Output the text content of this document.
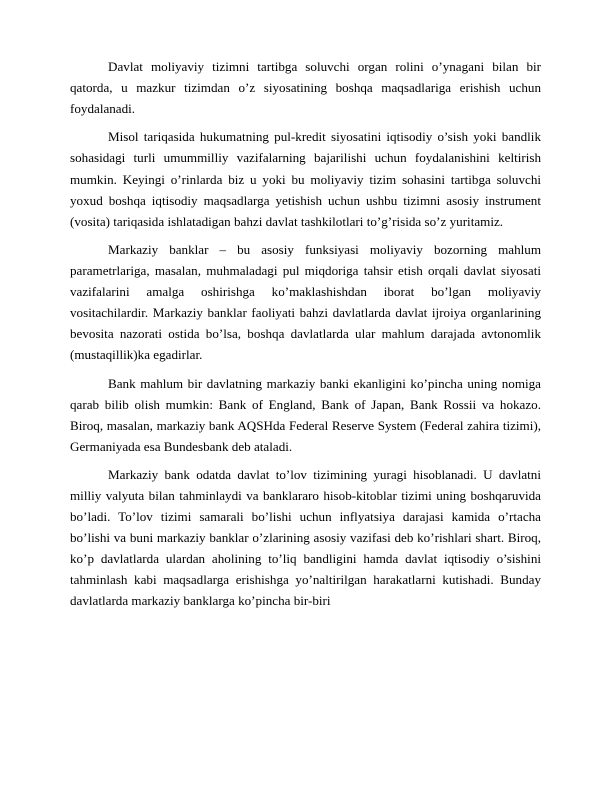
Davlat moliyaviy tizimni tartibga soluvchi organ rolini o’ynagani bilan bir qatorda, u mazkur tizimdan o’z siyosatining boshqa maqsadlariga erishish uchun foydalanadi.

Misol tariqasida hukumatning pul-kredit siyosatini iqtisodiy o’sish yoki bandlik sohasidagi turli umummilliy vazifalarning bajarilishi uchun foydalanishini keltirish mumkin. Keyingi o’rinlarda biz u yoki bu moliyaviy tizim sohasini tartibga soluvchi yoxud boshqa iqtisodiy maqsadlarga yetishish uchun ushbu tizimni asosiy instrument (vosita) tariqasida ishlatadigan bahzi davlat tashkilotlari to’g’risida so’z yuritamiz.

Markaziy banklar – bu asosiy funksiyasi moliyaviy bozorning mahlum parametrlariga, masalan, muhmaladagi pul miqdoriga tahsir etish orqali davlat siyosati vazifalarini amalga oshirishga ko’maklashishdan iborat bo’lgan moliyaviy vositachilardir. Markaziy banklar faoliyati bahzi davlatlarda davlat ijroiya organlarining bevosita nazorati ostida bo’lsa, boshqa davlatlarda ular mahlum darajada avtonomlik (mustaqillik)ka egadirlar.

Bank mahlum bir davlatning markaziy banki ekanligini ko’pincha uning nomiga qarab bilib olish mumkin: Bank of England, Bank of Japan, Bank Rossii va hokazo. Biroq, masalan, markaziy bank AQSHda Federal Reserve System (Federal zahira tizimi), Germaniyada esa Bundesbank deb ataladi.

Markaziy bank odatda davlat to’lov tizimining yuragi hisoblanadi. U davlatni milliy valyuta bilan tahminlaydi va banklararo hisob-kitoblar tizimi uning boshqaruvida bo’ladi. To’lov tizimi samarali bo’lishi uchun inflyatsiya darajasi kamida o’rtacha bo’lishi va buni markaziy banklar o’zlarining asosiy vazifasi deb ko’rishlari shart. Biroq, ko’p davlatlarda ulardan aholining to’liq bandligini hamda davlat iqtisodiy o’sishini tahminlash kabi maqsadlarga erishishga yo’naltirilgan harakatlarni kutishadi. Bunday davlatlarda markaziy banklarga ko’pincha bir-biri
